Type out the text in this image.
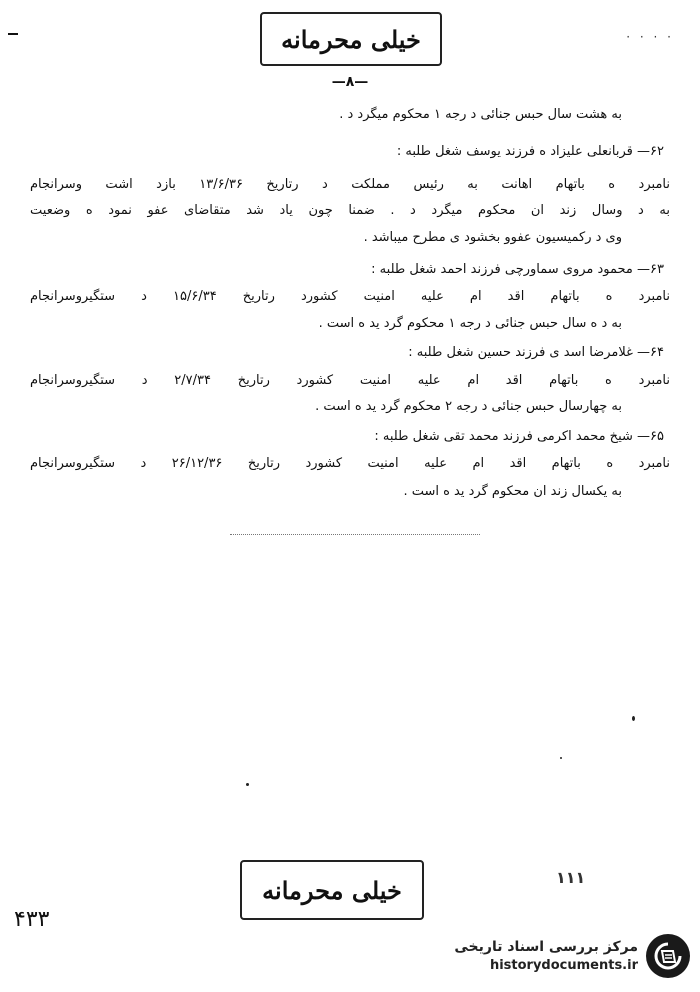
· · · ·
خیلی محرمانه
—۸—
به هشت سال حبس جنائی د رجه ۱ محکوم میگرد د .
۶۲— قربانعلی علیزاد ه فرزند یوسف شغل طلبه :
نامبرد ه باتهام اهانت به رئیس مملکت د رتاریخ ۱۳/۶/۳۶ بازد اشت وسرانجام
به د وسال زند ان محکوم میگرد د . ضمنا چون یاد شد متقاضای عفو نمود ه وضعیت
وی د رکمیسیون عفوو بخشود ی مطرح میباشد .
۶۳— محمود مروی سماورچی فرزند احمد شغل طلبه :
نامبرد ه باتهام اقد ام علیه امنیت کشورد رتاریخ ۱۵/۶/۳۴ د ستگیروسرانجام
به د ه سال حبس جنائی د رجه ۱ محکوم گرد ید ه است .
۶۴— غلامرضا اسد ی فرزند حسین شغل طلبه :
نامبرد ه باتهام اقد ام علیه امنیت کشورد رتاریخ ۲/۷/۳۴ د ستگیروسرانجام
به چهارسال حبس جنائی د رجه ۲ محکوم گرد ید ه است .
۶۵— شیخ محمد اکرمی فرزند محمد تقی شغل طلبه :
نامبرد ه باتهام اقد ام علیه امنیت کشورد رتاریخ ۲۶/۱۲/۳۶ د ستگیروسرانجام
به یکسال زند ان محکوم گرد ید ه است .
۱۱۱
خیلی محرمانه
۴۳۳
مرکز بررسی اسناد تاریخی
historydocuments.ir
